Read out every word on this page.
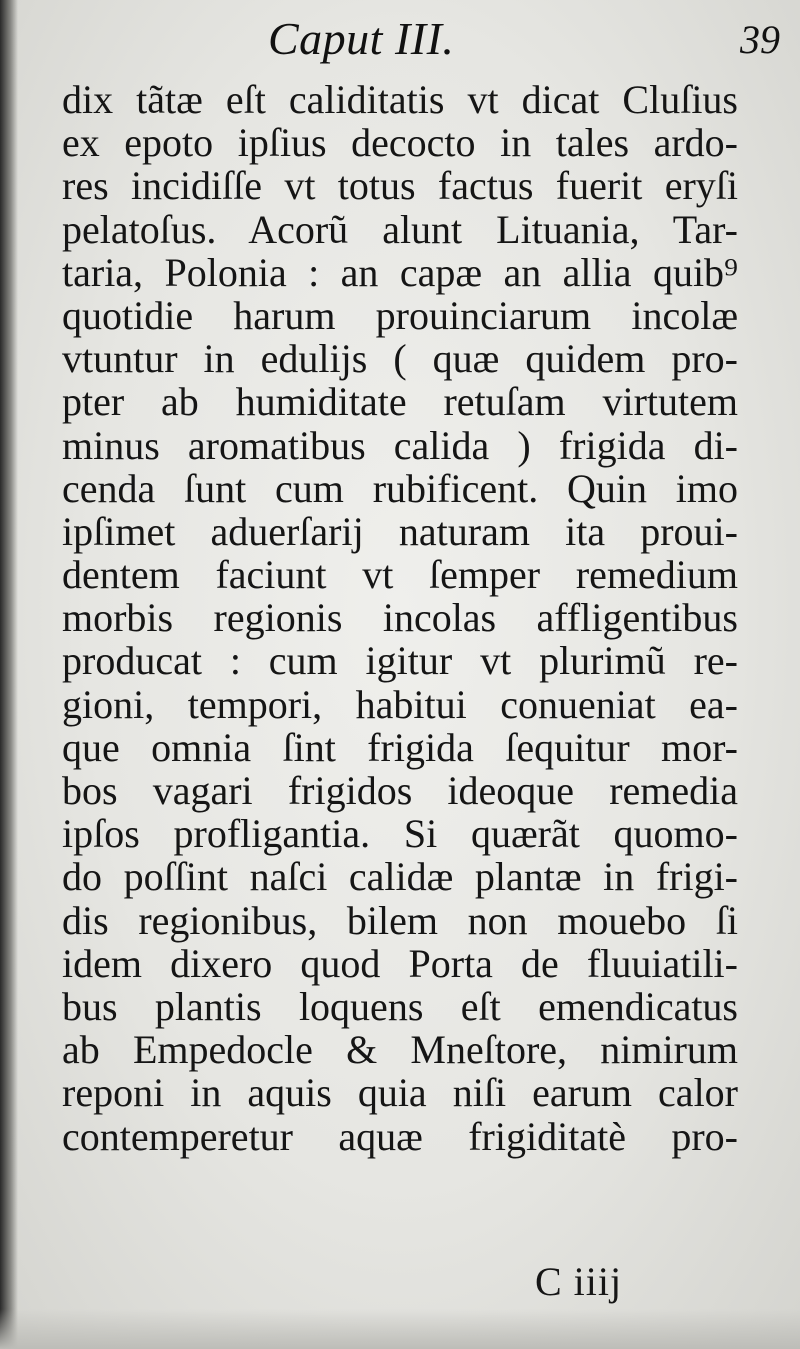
Caput III.	39
dix tãtæ eſt caliditatis vt dicat Cluſius
ex epoto ipſius decoсto in tales ardo-
res incidiſſe vt totus factus fuerit eryſi
pelatoſus. Acorũ alunt Lituania, Tar-
taria, Polonia : an capæ an allia quib⁹
quotidie harum prouinciarum incolæ
vtuntur in edulijs ( quæ quidem pro-
pter ab humiditate retuſam virtutem
minus aromatibus calida ) frigida di-
cenda ſunt cum rubificent. Quin imo
ipſimet aduerſarij naturam ita proui-
dentem faciunt vt ſemper remedium
morbis regionis incolas affligentibus
producat : cum igitur vt plurimũ re-
gioni, tempori, habitui conueniat ea-
que omnia ſint frigida ſequitur mor-
bos vagari frigidos ideoque remedia
ipſos profligantia. Si quærãt quomo-
do poſſint naſci calidæ plantæ in frigi-
dis regionibus, bilem non mouebo ſi
idem dixero quod Porta de fluuiatili-
bus plantis loquens eſt emendicatus
ab Empedocle & Mneſtore, nimirum
reponi in aquis quia niſi earum calor
contemperetur aquæ frigiditatè pro-
C iiij
